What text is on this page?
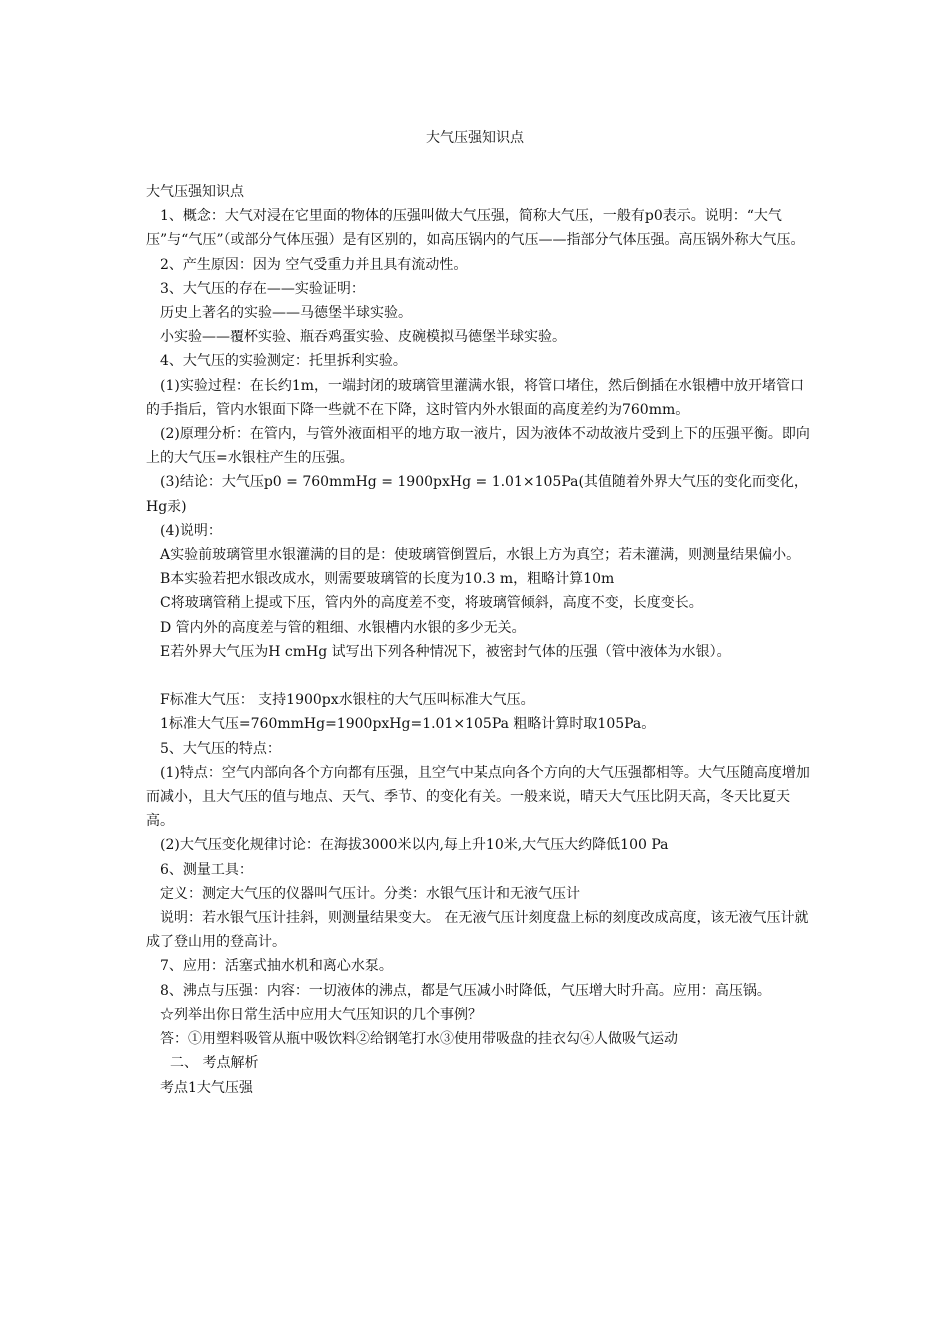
大气压强知识点

大气压强知识点

1、概念：大气对浸在它里面的物体的压强叫做大气压强，简称大气压，一般有p0表示。说明：“大气压”与“气压”（或部分气体压强）是有区别的，如高压锅内的气压——指部分气体压强。高压锅外称大气压。

2、产生原因：因为 空气受重力并且具有流动性。

3、大气压的存在——实验证明：

历史上著名的实验——马德堡半球实验。

小实验——覆杯实验、瓶吞鸡蛋实验、皮碗模拟马德堡半球实验。

4、大气压的实验测定：托里拆利实验。

(1)实验过程：在长约1m，一端封闭的玻璃管里灌满水银，将管口堵住，然后倒插在水银槽中放开堵管口的手指后，管内水银面下降一些就不在下降，这时管内外水银面的高度差约为760mm。

(2)原理分析：在管内，与管外液面相平的地方取一液片，因为液体不动故液片受到上下的压强平衡。即向上的大气压=水银柱产生的压强。

(3)结论：大气压p0 = 760mmHg = 1900pxHg = 1.01×105Pa(其值随着外界大气压的变化而变化，Hg汞)

(4)说明：

A实验前玻璃管里水银灌满的目的是：使玻璃管倒置后，水银上方为真空；若未灌满，则测量结果偏小。

B本实验若把水银改成水，则需要玻璃管的长度为10.3 m，粗略计算10m

C将玻璃管稍上提或下压，管内外的高度差不变，将玻璃管倾斜，高度不变，长度变长。

D 管内外的高度差与管的粗细、水银槽内水银的多少无关。

E若外界大气压为H cmHg 试写出下列各种情况下，被密封气体的压强（管中液体为水银）。

F标准大气压： 支持1900px水银柱的大气压叫标准大气压。

1标准大气压=760mmHg=1900pxHg=1.01×105Pa 粗略计算时取105Pa。

5、大气压的特点：

(1)特点：空气内部向各个方向都有压强，且空气中某点向各个方向的大气压强都相等。大气压随高度增加而减小，且大气压的值与地点、天气、季节、的变化有关。一般来说，晴天大气压比阴天高，冬天比夏天高。

(2)大气压变化规律讨论：在海拔3000米以内,每上升10米,大气压大约降低100 Pa

6、测量工具：

定义：测定大气压的仪器叫气压计。分类：水银气压计和无液气压计

说明：若水银气压计挂斜，则测量结果变大。 在无液气压计刻度盘上标的刻度改成高度，该无液气压计就成了登山用的登高计。

7、应用：活塞式抽水机和离心水泵。

8、沸点与压强：内容：一切液体的沸点，都是气压减小时降低，气压增大时升高。应用：高压锅。

☆列举出你日常生活中应用大气压知识的几个事例？

答：①用塑料吸管从瓶中吸饮料②给钢笔打水③使用带吸盘的挂衣勾④人做吸气运动

二、 考点解析

考点1大气压强
